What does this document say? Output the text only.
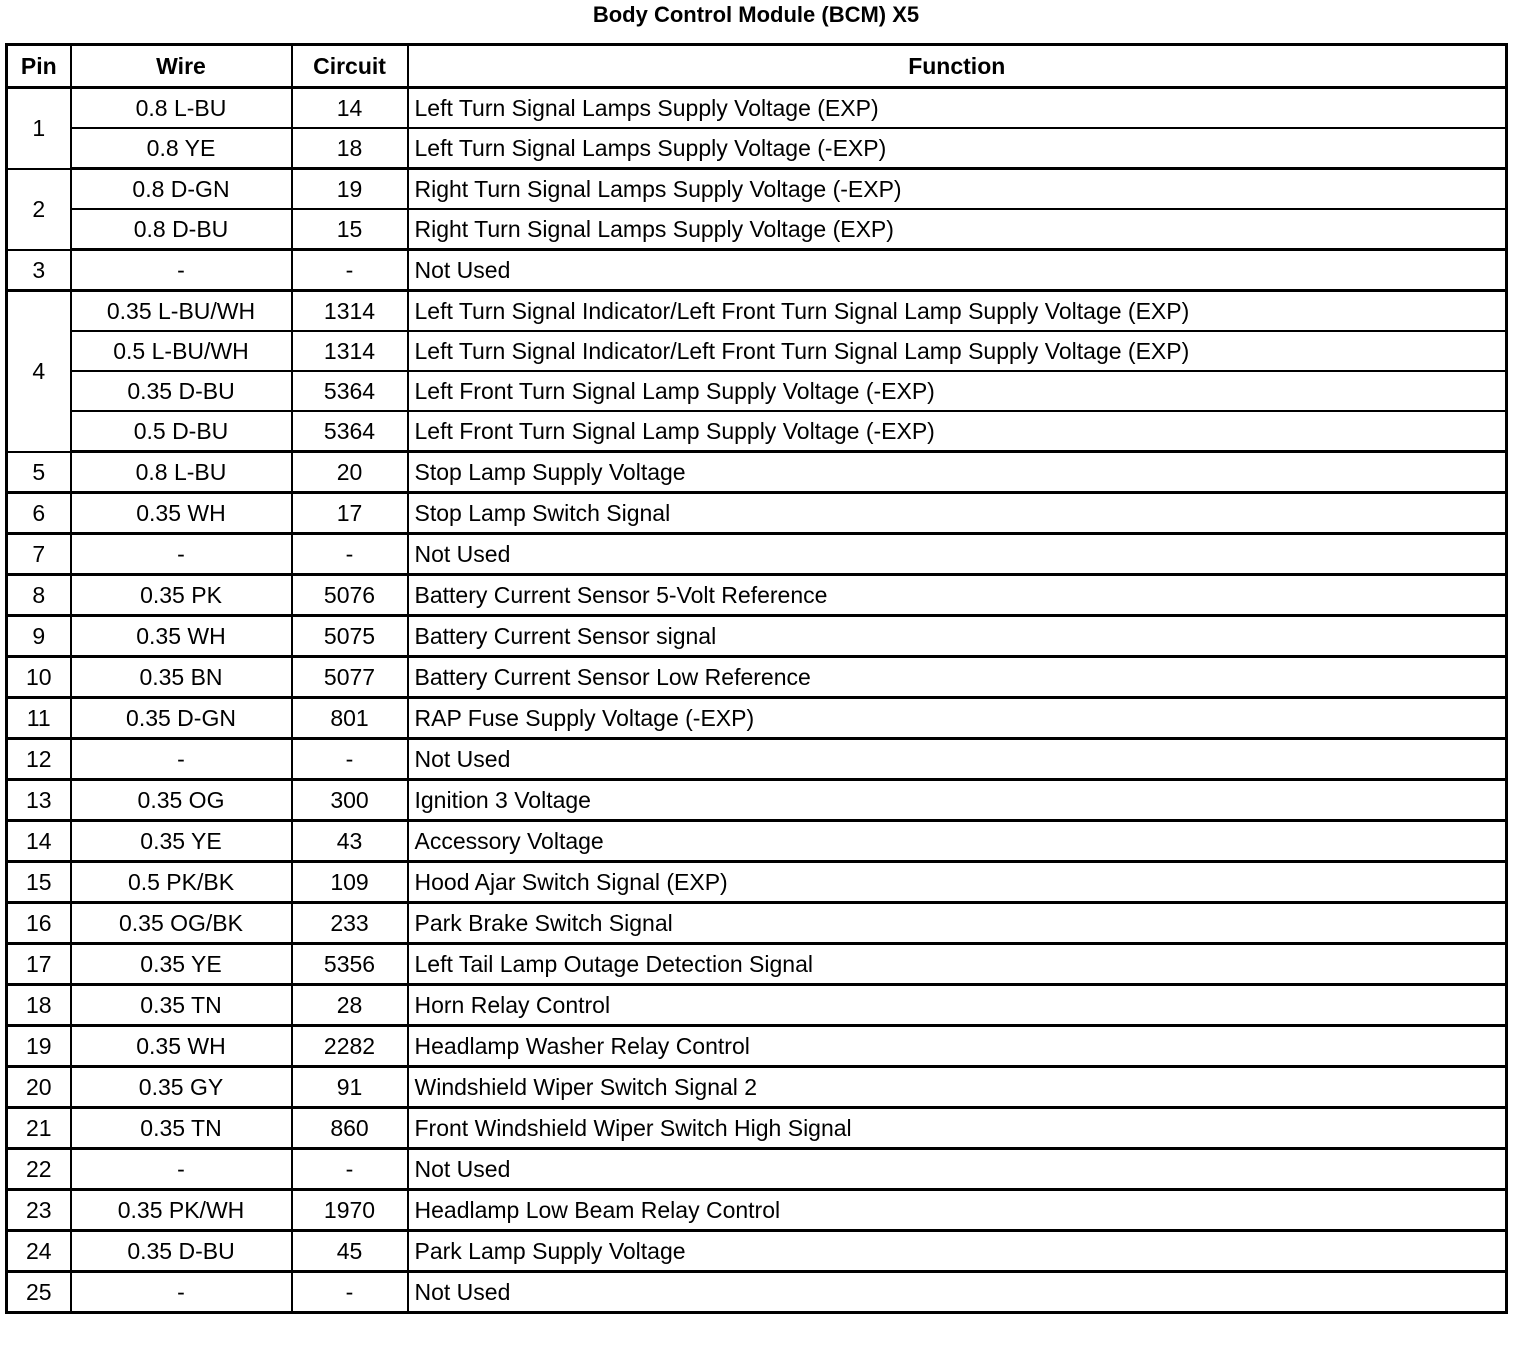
Body Control Module (BCM) X5
Pin	Wire	Circuit	Function
1	0.8 L-BU	14	Left Turn Signal Lamps Supply Voltage (EXP)
	0.8 YE	18	Left Turn Signal Lamps Supply Voltage (-EXP)
2	0.8 D-GN	19	Right Turn Signal Lamps Supply Voltage (-EXP)
	0.8 D-BU	15	Right Turn Signal Lamps Supply Voltage (EXP)
3	-	-	Not Used
4	0.35 L-BU/WH	1314	Left Turn Signal Indicator/Left Front Turn Signal Lamp Supply Voltage (EXP)
	0.5 L-BU/WH	1314	Left Turn Signal Indicator/Left Front Turn Signal Lamp Supply Voltage (EXP)
	0.35 D-BU	5364	Left Front Turn Signal Lamp Supply Voltage (-EXP)
	0.5 D-BU	5364	Left Front Turn Signal Lamp Supply Voltage (-EXP)
5	0.8 L-BU	20	Stop Lamp Supply Voltage
6	0.35 WH	17	Stop Lamp Switch Signal
7	-	-	Not Used
8	0.35 PK	5076	Battery Current Sensor 5-Volt Reference
9	0.35 WH	5075	Battery Current Sensor signal
10	0.35 BN	5077	Battery Current Sensor Low Reference
11	0.35 D-GN	801	RAP Fuse Supply Voltage (-EXP)
12	-	-	Not Used
13	0.35 OG	300	Ignition 3 Voltage
14	0.35 YE	43	Accessory Voltage
15	0.5 PK/BK	109	Hood Ajar Switch Signal (EXP)
16	0.35 OG/BK	233	Park Brake Switch Signal
17	0.35 YE	5356	Left Tail Lamp Outage Detection Signal
18	0.35 TN	28	Horn Relay Control
19	0.35 WH	2282	Headlamp Washer Relay Control
20	0.35 GY	91	Windshield Wiper Switch Signal 2
21	0.35 TN	860	Front Windshield Wiper Switch High Signal
22	-	-	Not Used
23	0.35 PK/WH	1970	Headlamp Low Beam Relay Control
24	0.35 D-BU	45	Park Lamp Supply Voltage
25	-	-	Not Used
